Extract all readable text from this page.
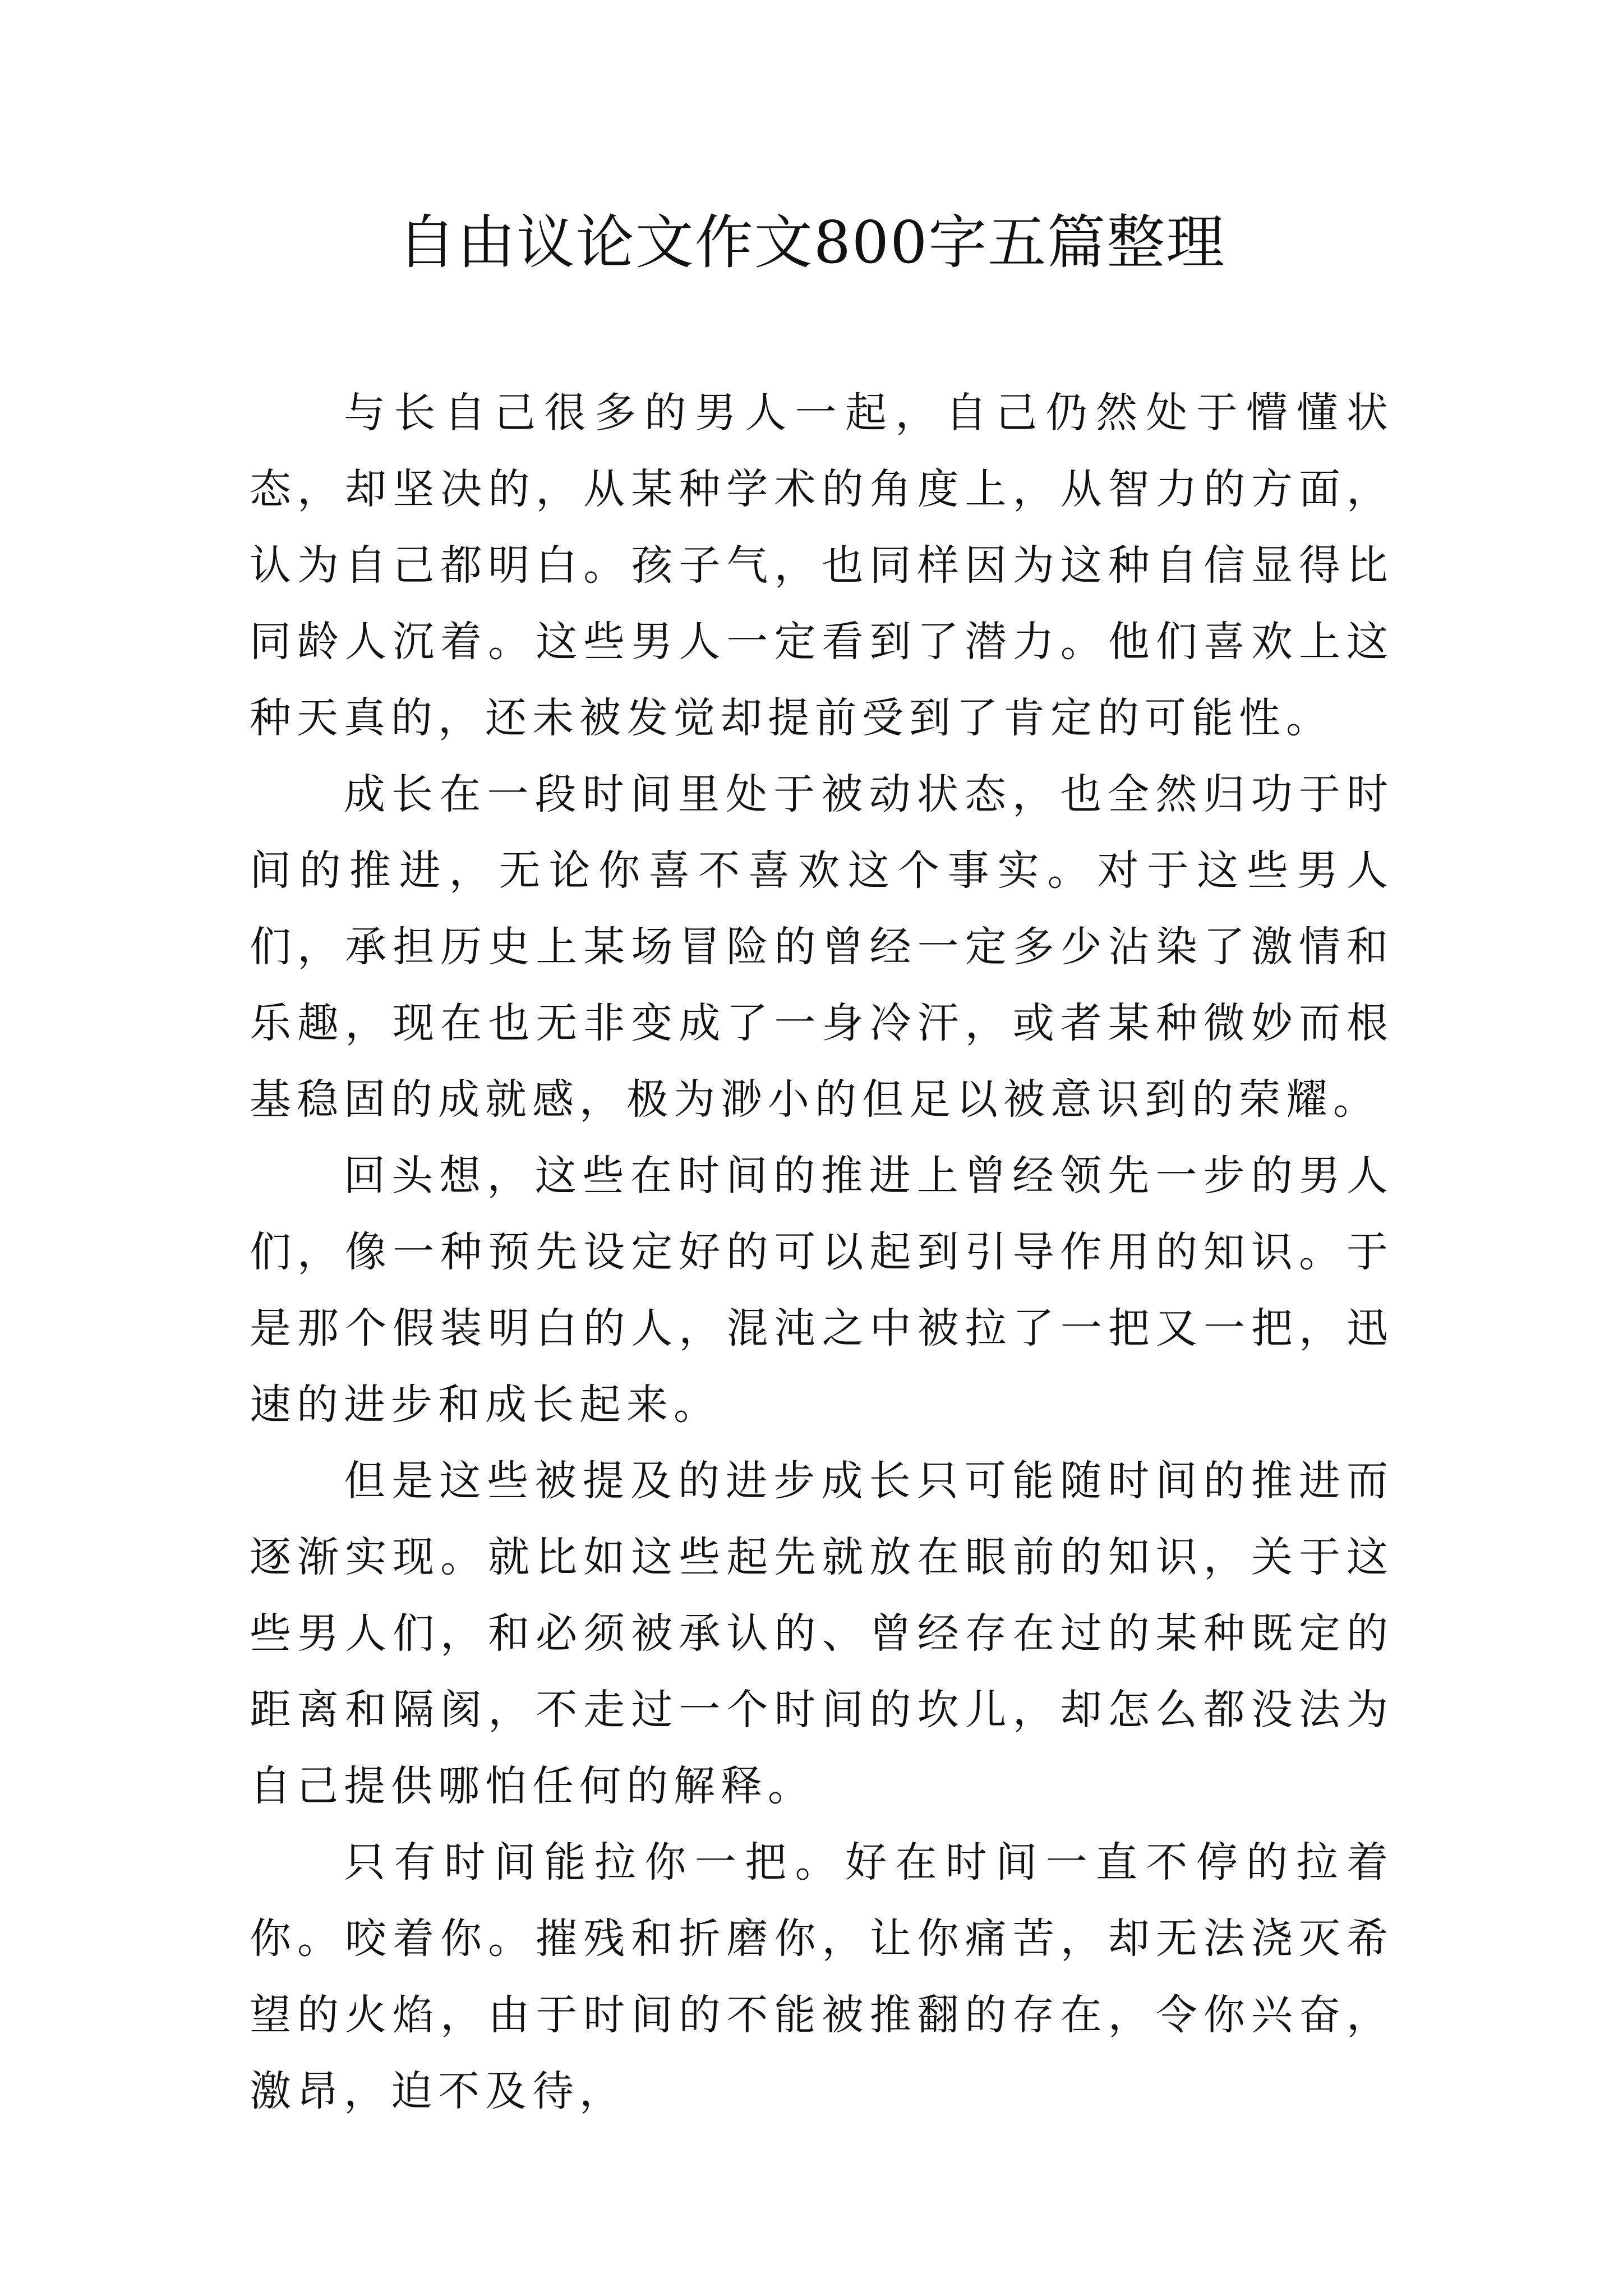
自由议论文作文800字五篇整理

与长自己很多的男人一起，自己仍然处于懵懂状态，却坚决的，从某种学术的角度上，从智力的方面，认为自己都明白。孩子气，也同样因为这种自信显得比同龄人沉着。这些男人一定看到了潜力。他们喜欢上这种天真的，还未被发觉却提前受到了肯定的可能性。

成长在一段时间里处于被动状态，也全然归功于时间的推进，无论你喜不喜欢这个事实。对于这些男人们，承担历史上某场冒险的曾经一定多少沾染了激情和乐趣，现在也无非变成了一身冷汗，或者某种微妙而根基稳固的成就感，极为渺小的但足以被意识到的荣耀。

回头想，这些在时间的推进上曾经领先一步的男人们，像一种预先设定好的可以起到引导作用的知识。于是那个假装明白的人，混沌之中被拉了一把又一把，迅速的进步和成长起来。

但是这些被提及的进步成长只可能随时间的推进而逐渐实现。就比如这些起先就放在眼前的知识，关于这些男人们，和必须被承认的、曾经存在过的某种既定的距离和隔阂，不走过一个时间的坎儿，却怎么都没法为自己提供哪怕任何的解释。

只有时间能拉你一把。好在时间一直不停的拉着你。咬着你。摧残和折磨你，让你痛苦，却无法浇灭希望的火焰，由于时间的不能被推翻的存在，令你兴奋，激昂，迫不及待，
